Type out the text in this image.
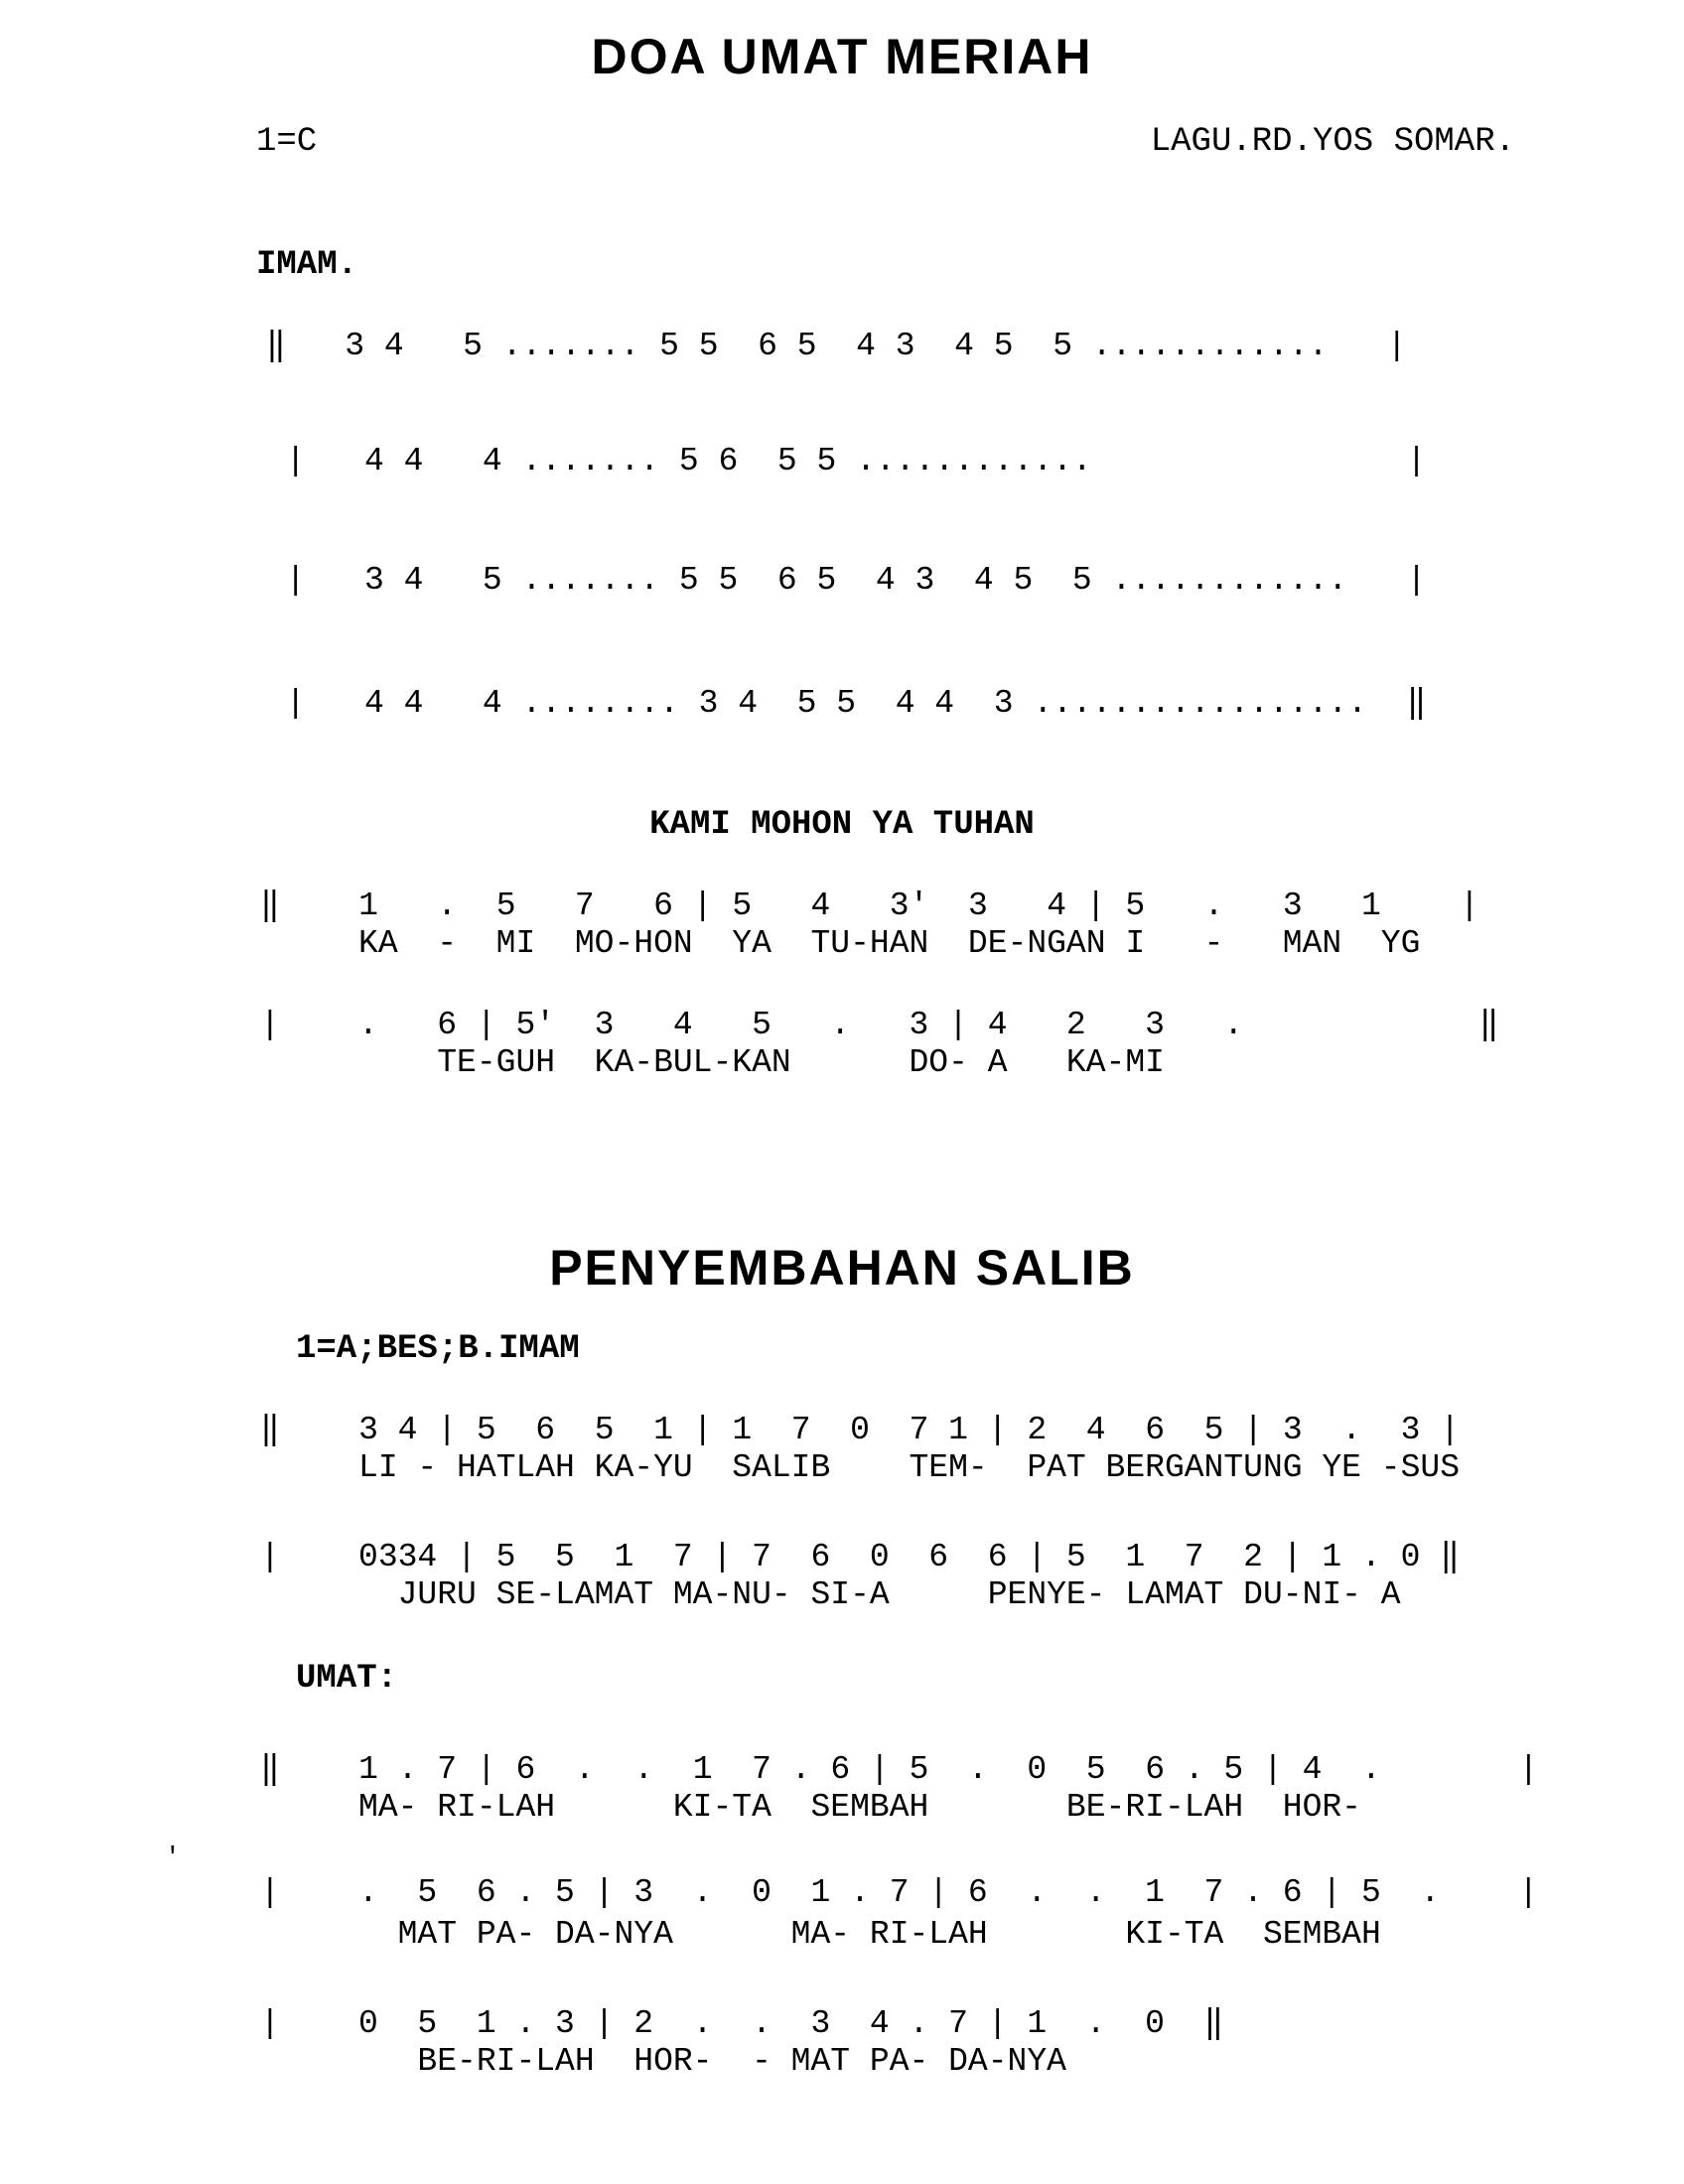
DOA UMAT MERIAH
1=C	LAGU.RD.YOS SOMAR.
IMAM.
‖   3 4   5 ....... 5 5  6 5  4 3  4 5  5 ............   |
|   4 4   4 ....... 5 6  5 5 ............                |
|   3 4   5 ....... 5 5  6 5  4 3  4 5  5 ............   |
|   4 4   4 ........ 3 4  5 5  4 4  3 .................  ‖
KAMI MOHON YA TUHAN
‖    1   .  5   7   6 | 5   4   3'  3   4 | 5   .   3   1    |
KA  -  MI  MO-HON  YA  TU-HAN  DE-NGAN I   -   MAN  YG
|    .   6 | 5'  3   4   5   .   3 | 4   2   3   .            ‖
TE-GUH  KA-BUL-KAN      DO- A   KA-MI
PENYEMBAHAN SALIB
1=A;BES;B.IMAM
‖    3 4 | 5  6  5  1 | 1  7  0  7 1 | 2  4  6  5 | 3  .  3 |
LI - HATLAH KA-YU  SALIB    TEM-  PAT BERGANTUNG YE -SUS
|    0334 | 5  5  1  7 | 7  6  0  6  6 | 5  1  7  2 | 1 . 0 ‖
JURU SE-LAMAT MA-NU- SI-A     PENYE- LAMAT DU-NI- A
UMAT:
‖    1 . 7 | 6  .  .  1  7 . 6 | 5  .  0  5  6 . 5 | 4  .       |
MA- RI-LAH      KI-TA  SEMBAH       BE-RI-LAH  HOR-
'
|    .  5  6 . 5 | 3  .  0  1 . 7 | 6  .  .  1  7 . 6 | 5  .    |
MAT PA- DA-NYA      MA- RI-LAH       KI-TA  SEMBAH
|    0  5  1 . 3 | 2  .  .  3  4 . 7 | 1  .  0  ‖
BE-RI-LAH  HOR-  - MAT PA- DA-NYA
